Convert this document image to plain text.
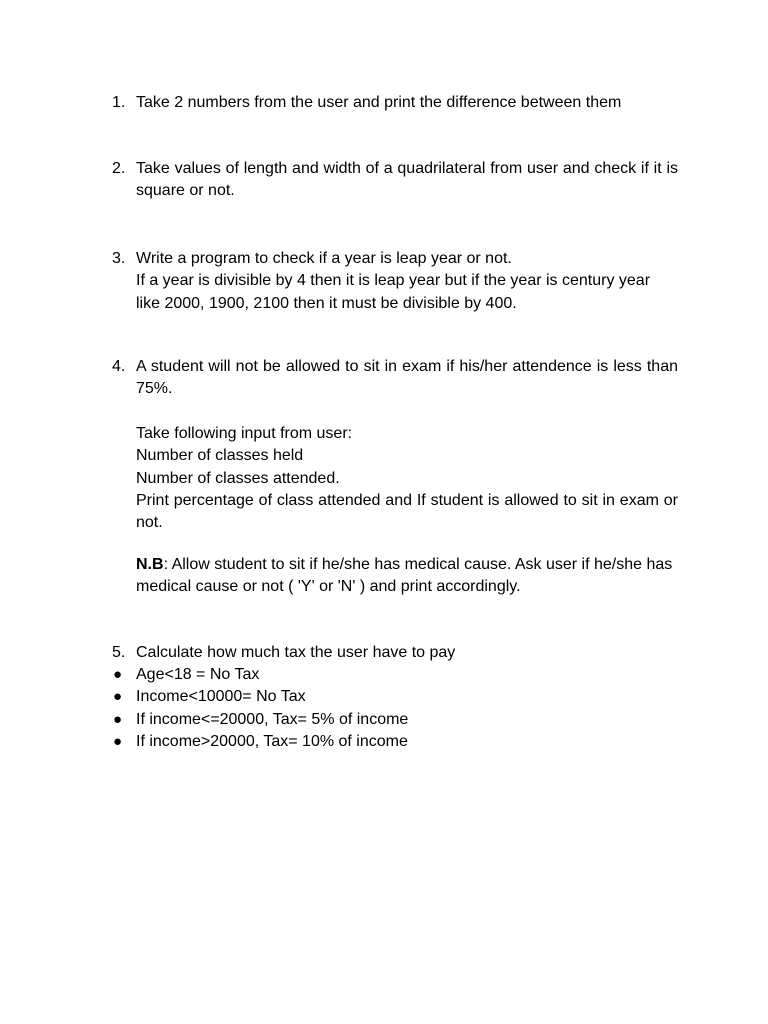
1. Take 2 numbers from the user and print the difference between them
2. Take values of length and width of a quadrilateral from user and check if it is square or not.
3. Write a program to check if a year is leap year or not.
If a year is divisible by 4 then it is leap year but if the year is century year
like 2000, 1900, 2100 then it must be divisible by 400.
4. A student will not be allowed to sit in exam if his/her attendence is less than 75%.
Take following input from user:
Number of classes held
Number of classes attended.
Print percentage of class attended and If student is allowed to sit in exam or not.
N.B: Allow student to sit if he/she has medical cause. Ask user if he/she has medical cause or not ( 'Y' or 'N' ) and print accordingly.
5. Calculate how much tax the user have to pay
● Age<18 = No Tax
● Income<10000= No Tax
● If income<=20000, Tax= 5% of income
● If income>20000, Tax= 10% of income
